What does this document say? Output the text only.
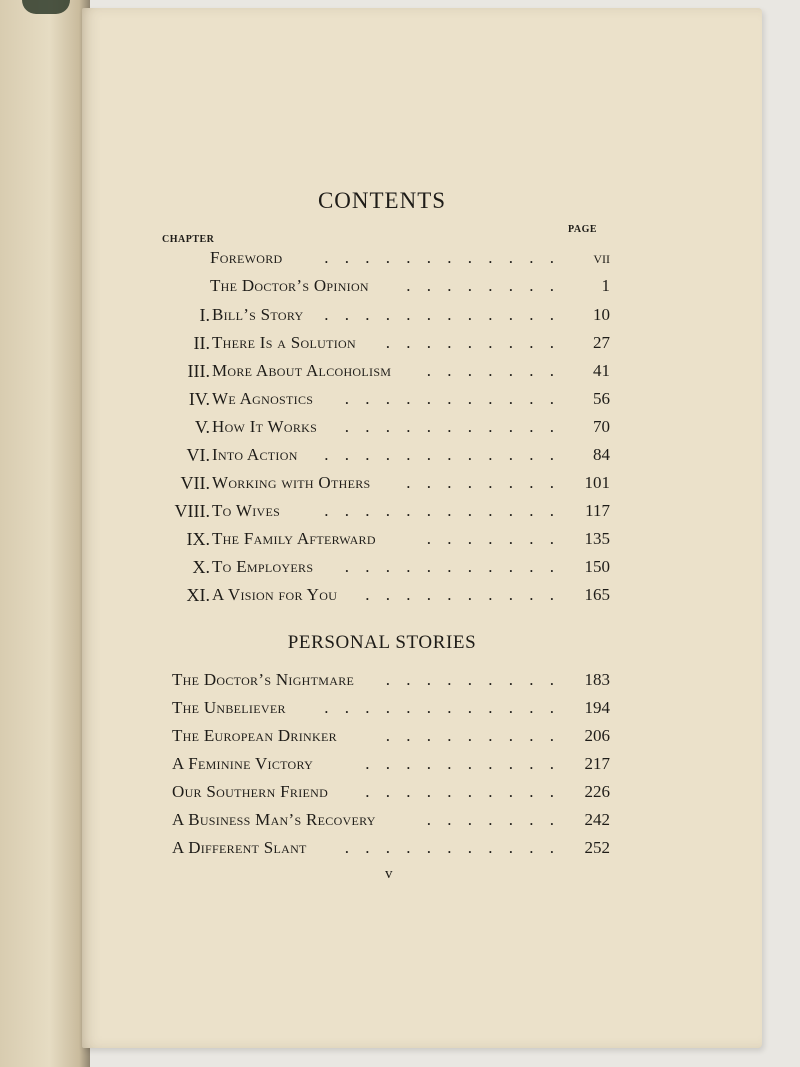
CONTENTS
CHAPTER
PAGE
Foreword	. . . . . . . . . . . .	vii
The Doctor’s Opinion	. . . . . . . .	1
I. Bill’s Story	. . . . . . . . . . . .	10
II. There Is a Solution	. . . . . . . . .	27
III. More About Alcoholism	. . . . . . .	41
IV. We Agnostics	. . . . . . . . . . .	56
V. How It Works	. . . . . . . . . . .	70
VI. Into Action	. . . . . . . . . . . .	84
VII. Working with Others	. . . . . . . .	101
VIII. To Wives	. . . . . . . . . . . .	117
IX. The Family Afterward	. . . . . . .	135
X. To Employers	. . . . . . . . . . .	150
XI. A Vision for You	. . . . . . . . . .	165
PERSONAL STORIES
The Doctor’s Nightmare . . . . . . . . .	183
The Unbeliever	. . . . . . . . . . . .	194
The European Drinker	. . . . . . . . .	206
A Feminine Victory	. . . . . . . . . .	217
Our Southern Friend . . . . . . . . . .	226
A Business Man’s Recovery	. . . . . . .	242
A Different Slant . . . . . . . . . . .	252
v
